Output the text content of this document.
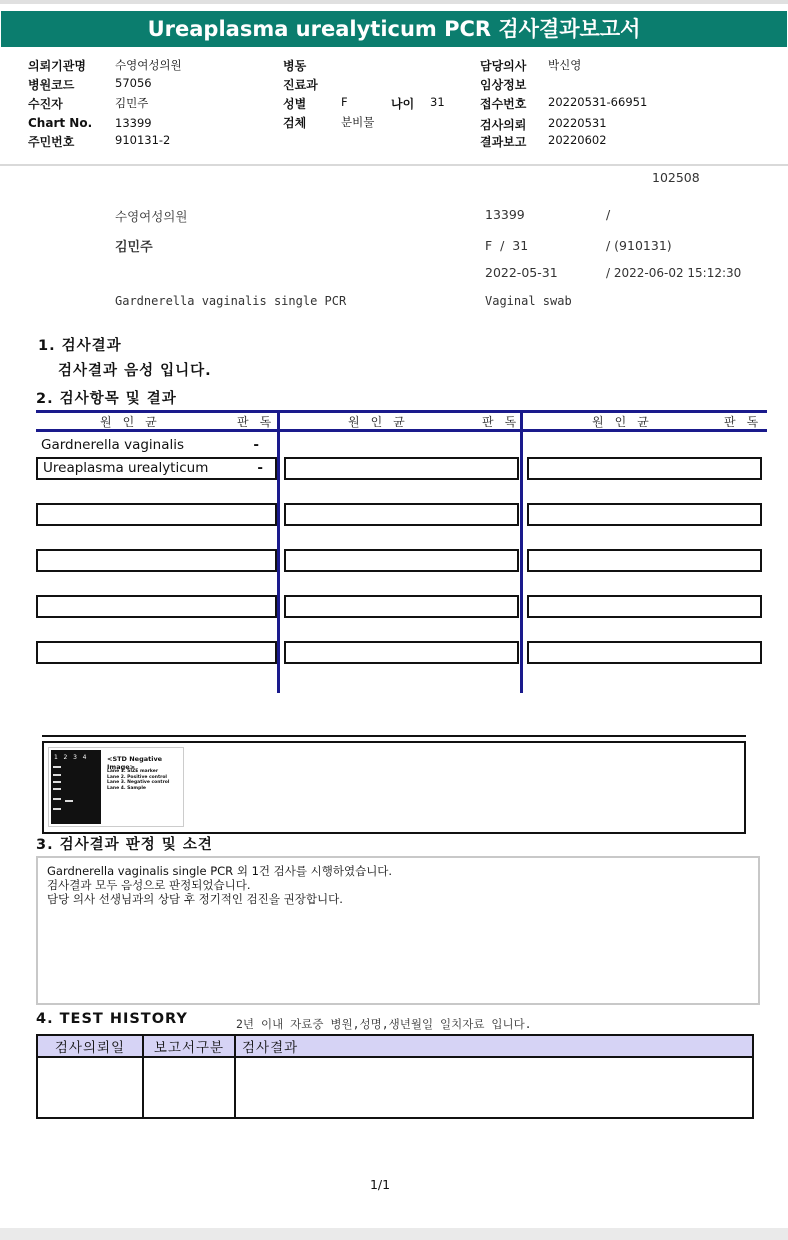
Ureaplasma urealyticum PCR 검사결과보고서
의뢰기관명	수영여성의원
병원코드	57056
수진자	김민주
Chart No. 13399
주민번호	910131-2
병동
진료과
성별	F	나이 31
검체	분비물
담당의사 박신영
임상정보
접수번호 20220531-66951
검사의뢰 20220531
결과보고 20220602
102508
수영여성의원	13399	/
김민주	F  /  31	/ (910131)
2022-05-31	/ 2022-06-02 15:12:30
Gardnerella vaginalis single PCR	Vaginal swab
1. 검사결과
검사결과 음성 입니다.
2. 검사항목 및 결과
원인균	판독	원인균	판독	원인균	판독
Gardnerella vaginalis	-
Ureaplasma urealyticum	-
1   2   3   4	<STD Negative Image>
Lane 1. SIZE marker
Lane 2. Positive control
Lane 3. Negative control
Lane 4. Sample
3. 검사결과 판정 및 소견
Gardnerella vaginalis single PCR 외 1건 검사를 시행하였습니다.
검사결과 모두 음성으로 판정되었습니다.
담당 의사 선생님과의 상담 후 정기적인 검진을 권장합니다.
4. TEST HISTORY	2년 이내 자료중 병원,성명,생년월일 일치자료 입니다.
검사의뢰일	보고서구분	검사결과

1/1
